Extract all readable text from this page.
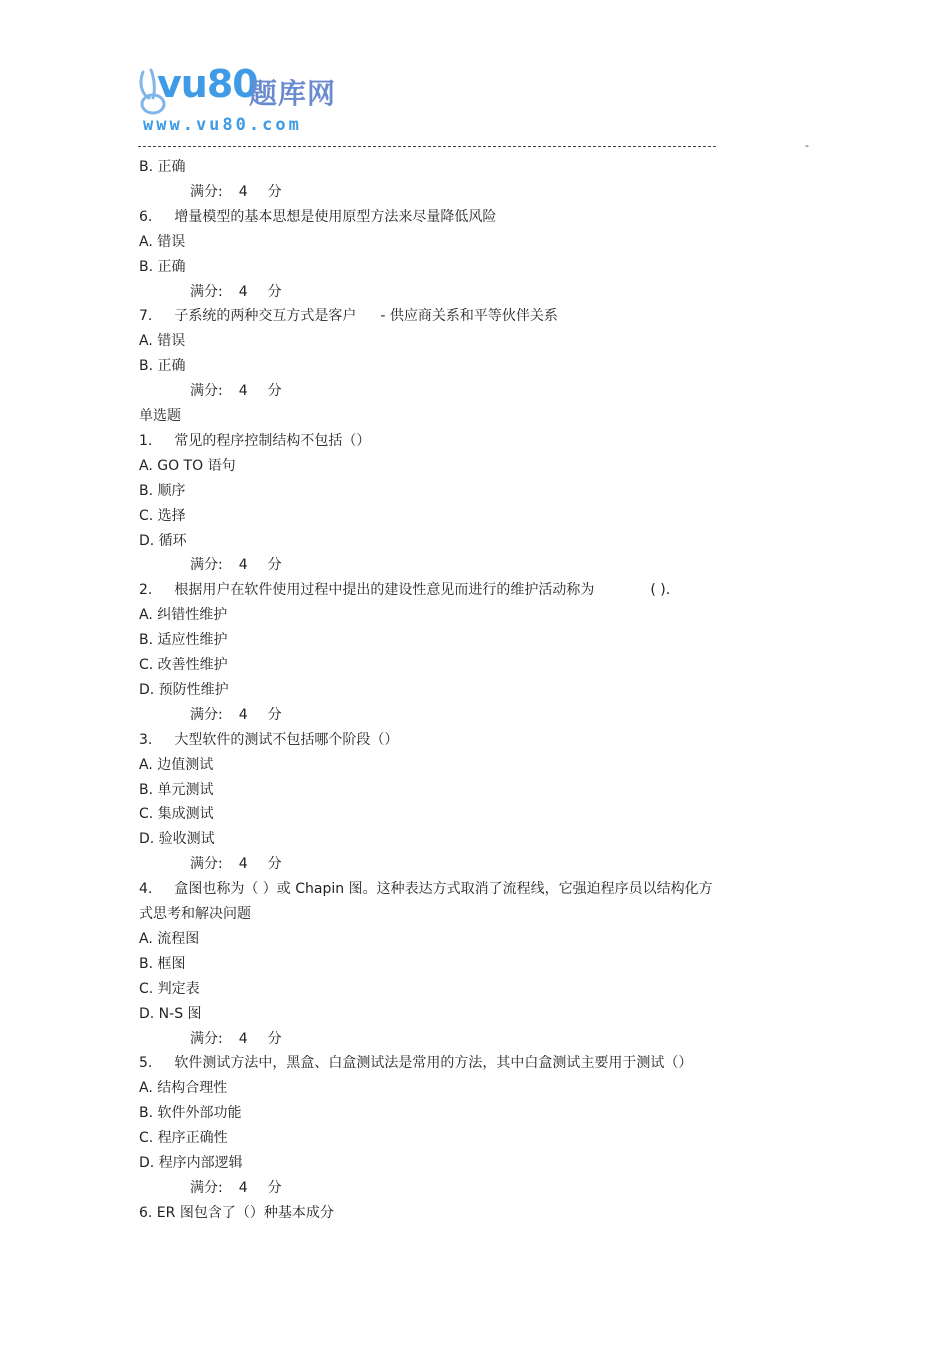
vu80
题库网
www.vu80.com
-
B. 正确
满分: 4 分
6. 增量模型的基本思想是使用原型方法来尽量降低风险
A. 错误
B. 正确
满分: 4 分
7. 子系统的两种交互方式是客户 - 供应商关系和平等伙伴关系
A. 错误
B. 正确
满分: 4 分
单选题
1. 常见的程序控制结构不包括（）
A. GO TO 语句
B. 顺序
C. 选择
D. 循环
满分: 4 分
2. 根据用户在软件使用过程中提出的建设性意见而进行的维护活动称为	( ).
A. 纠错性维护
B. 适应性维护
C. 改善性维护
D. 预防性维护
满分: 4 分
3. 大型软件的测试不包括哪个阶段（）
A. 边值测试
B. 单元测试
C. 集成测试
D. 验收测试
满分: 4 分
4. 盒图也称为（ ）或 Chapin 图。这种表达方式取消了流程线，它强迫程序员以结构化方
式思考和解决问题
A. 流程图
B. 框图
C. 判定表
D. N-S 图
满分: 4 分
5. 软件测试方法中，黑盒、白盒测试法是常用的方法，其中白盒测试主要用于测试（）
A. 结构合理性
B. 软件外部功能
C. 程序正确性
D. 程序内部逻辑
满分: 4 分
6. ER 图包含了（）种基本成分
